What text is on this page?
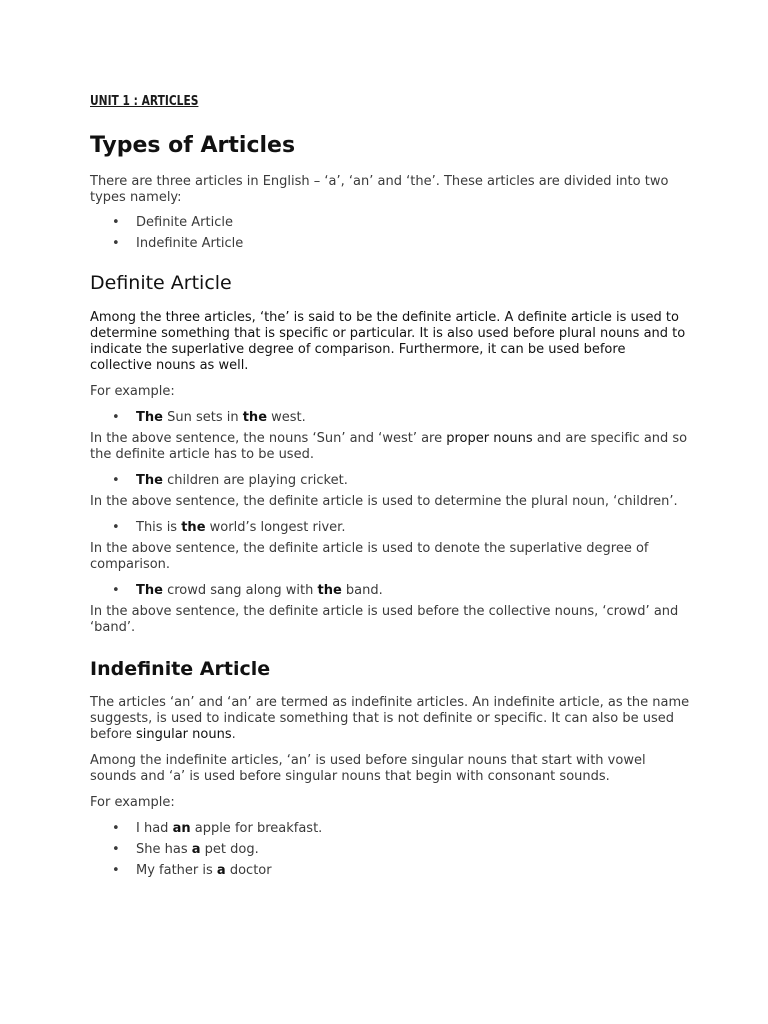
UNIT 1 : ARTICLES
Types of Articles

There are three articles in English – ‘a’, ‘an’ and ‘the’. These articles are divided into two types namely:

• Definite Article
• Indefinite Article
Definite Article

Among the three articles, ‘the’ is said to be the definite article. A definite article is used to determine something that is specific or particular. It is also used before plural nouns and to indicate the superlative degree of comparison. Furthermore, it can be used before collective nouns as well.

For example:

• The Sun sets in the west.

In the above sentence, the nouns ‘Sun’ and ‘west’ are proper nouns and are specific and so the definite article has to be used.

• The children are playing cricket.

In the above sentence, the definite article is used to determine the plural noun, ‘children’.

• This is the world’s longest river.

In the above sentence, the definite article is used to denote the superlative degree of comparison.

• The crowd sang along with the band.

In the above sentence, the definite article is used before the collective nouns, ‘crowd’ and ‘band’.

Indefinite Article

The articles ‘an’ and ‘an’ are termed as indefinite articles. An indefinite article, as the name suggests, is used to indicate something that is not definite or specific. It can also be used before singular nouns.

Among the indefinite articles, ‘an’ is used before singular nouns that start with vowel sounds and ‘a’ is used before singular nouns that begin with consonant sounds.

For example:

• I had an apple for breakfast.
• She has a pet dog.
• My father is a doctor
